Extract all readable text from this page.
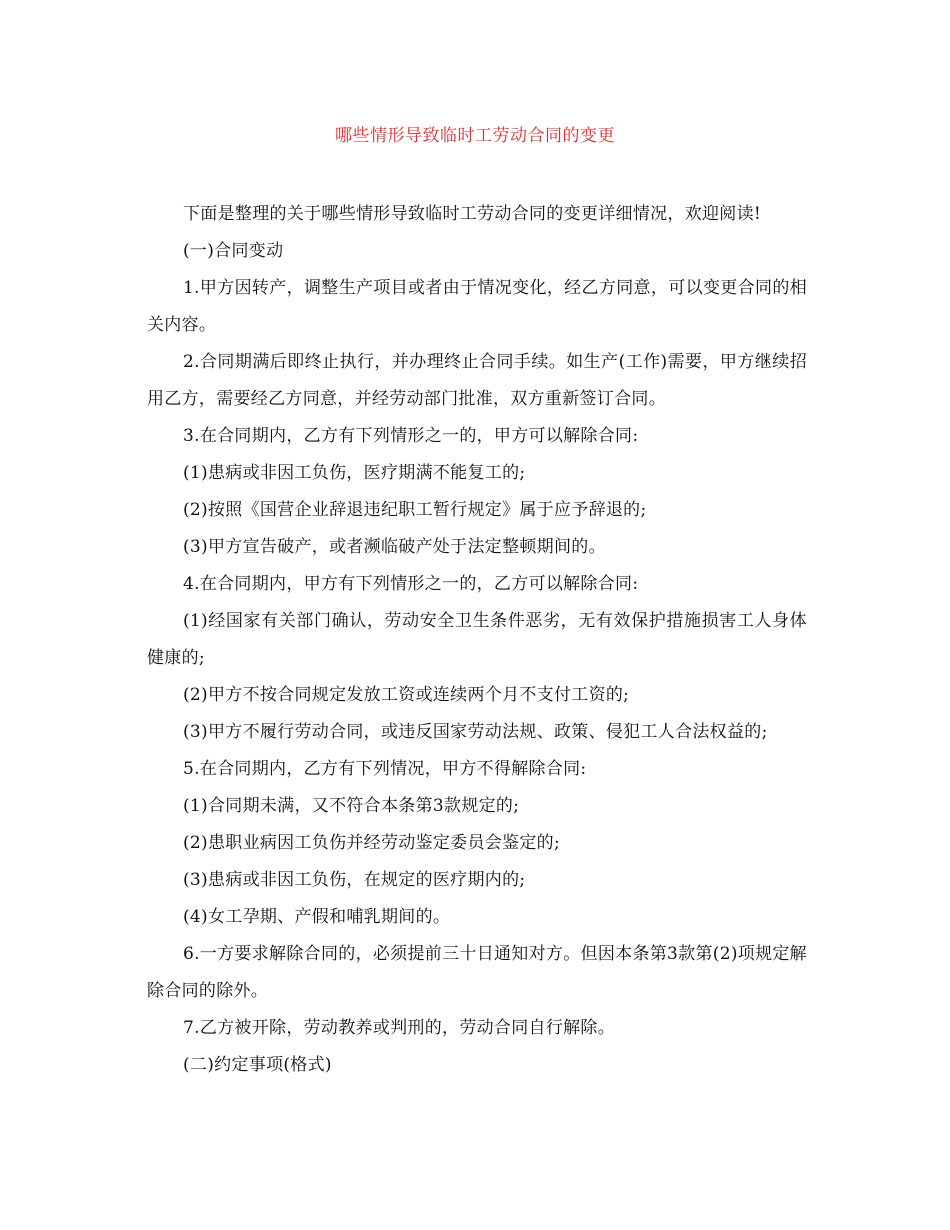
哪些情形导致临时工劳动合同的变更

下面是整理的关于哪些情形导致临时工劳动合同的变更详细情况，欢迎阅读!

(一)合同变动

1.甲方因转产，调整生产项目或者由于情况变化，经乙方同意，可以变更合同的相关内容。

2.合同期满后即终止执行，并办理终止合同手续。如生产(工作)需要，甲方继续招用乙方，需要经乙方同意，并经劳动部门批准，双方重新签订合同。

3.在合同期内，乙方有下列情形之一的，甲方可以解除合同:

(1)患病或非因工负伤，医疗期满不能复工的;

(2)按照《国营企业辞退违纪职工暂行规定》属于应予辞退的;

(3)甲方宣告破产，或者濒临破产处于法定整顿期间的。

4.在合同期内，甲方有下列情形之一的，乙方可以解除合同:

(1)经国家有关部门确认，劳动安全卫生条件恶劣，无有效保护措施损害工人身体健康的;

(2)甲方不按合同规定发放工资或连续两个月不支付工资的;

(3)甲方不履行劳动合同，或违反国家劳动法规、政策、侵犯工人合法权益的;

5.在合同期内，乙方有下列情况，甲方不得解除合同:

(1)合同期未满，又不符合本条第3款规定的;

(2)患职业病因工负伤并经劳动鉴定委员会鉴定的;

(3)患病或非因工负伤，在规定的医疗期内的;

(4)女工孕期、产假和哺乳期间的。

6.一方要求解除合同的，必须提前三十日通知对方。但因本条第3款第(2)项规定解除合同的除外。

7.乙方被开除，劳动教养或判刑的，劳动合同自行解除。

(二)约定事项(格式)
